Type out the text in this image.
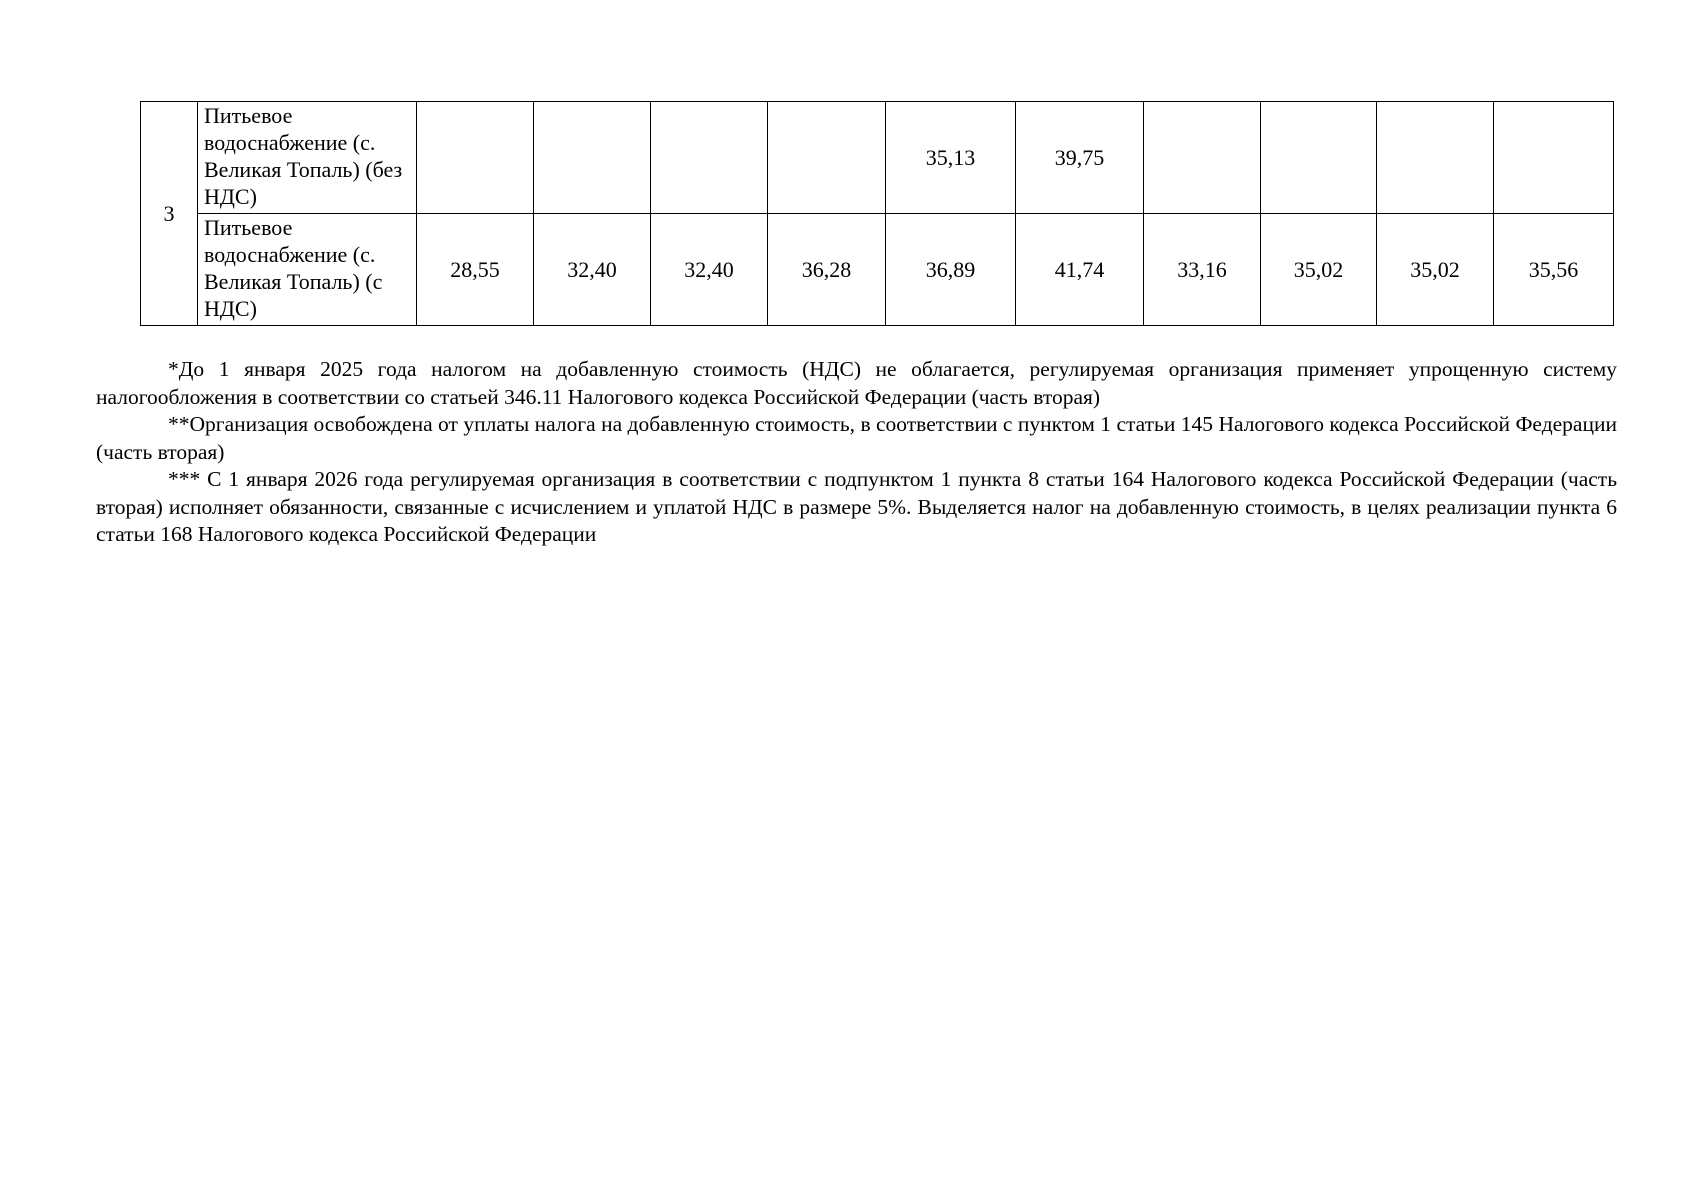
3	Питьевое водоснабжение (с. Великая Топаль) (без НДС)					35,13	39,75				
	Питьевое водоснабжение (с. Великая Топаль) (с НДС)	28,55	32,40	32,40	36,28	36,89	41,74	33,16	35,02	35,02	35,56

*До 1 января 2025 года налогом на добавленную стоимость (НДС) не облагается, регулируемая организация применяет упрощенную систему налогообложения в соответствии со статьей 346.11 Налогового кодекса Российской Федерации (часть вторая)

**Организация освобождена от уплаты налога на добавленную стоимость, в соответствии с пунктом 1 статьи 145 Налогового кодекса Российской Федерации (часть вторая)

*** С 1 января 2026 года регулируемая организация в соответствии с подпунктом 1 пункта 8 статьи 164 Налогового кодекса Российской Федерации (часть вторая) исполняет обязанности, связанные с исчислением и уплатой НДС в размере 5%. Выделяется налог на добавленную стоимость, в целях реализации пункта 6 статьи 168 Налогового кодекса Российской Федерации
